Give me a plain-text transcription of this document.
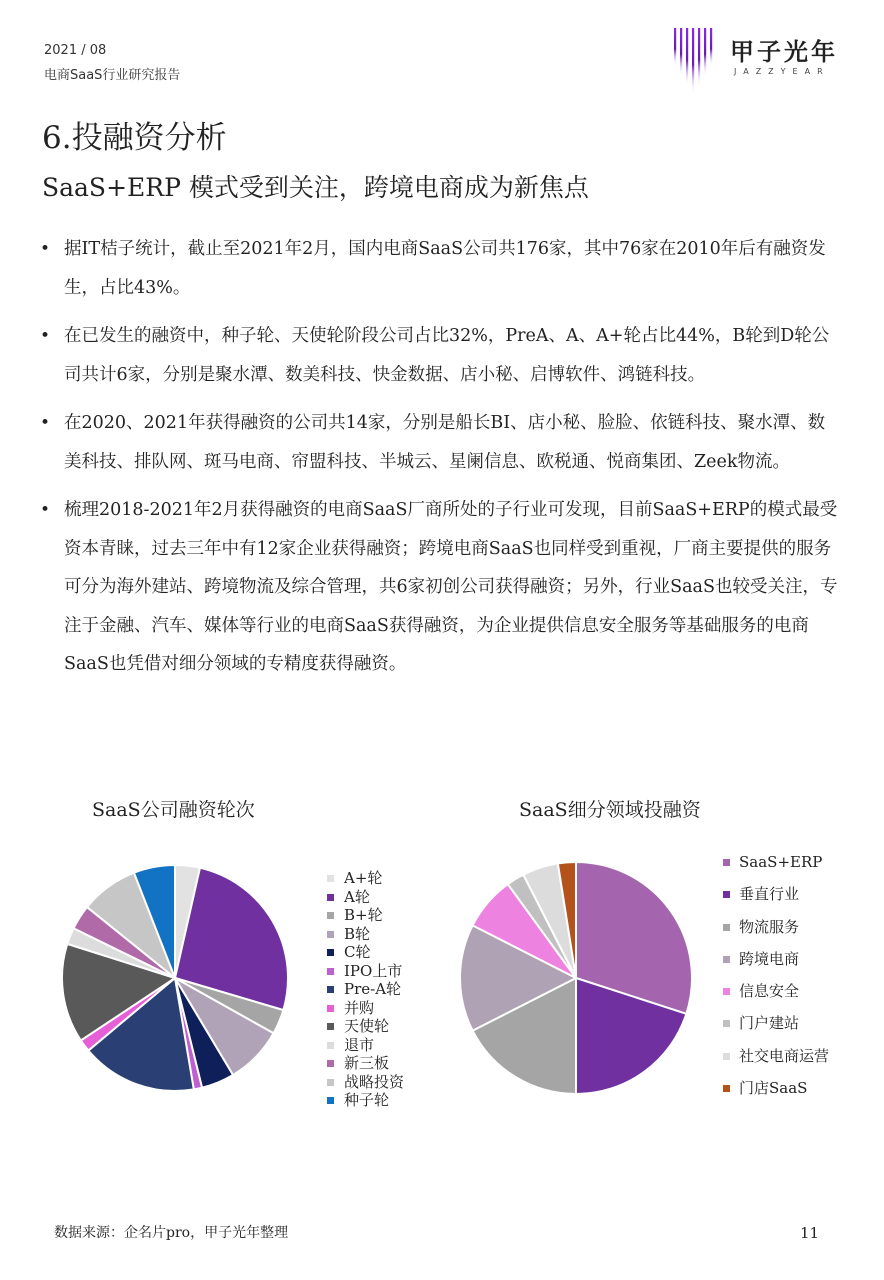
2021 / 08
电商SaaS行业研究报告
甲子光年
JAZZYEAR
6.投融资分析
SaaS+ERP 模式受到关注，跨境电商成为新焦点
• 据IT桔子统计，截止至2021年2月，国内电商SaaS公司共176家，其中76家在2010年后有融资发生，占比43%。
• 在已发生的融资中，种子轮、天使轮阶段公司占比32%，PreA、A、A+轮占比44%，B轮到D轮公司共计6家，分别是聚水潭、数美科技、快金数据、店小秘、启博软件、鸿链科技。
• 在2020、2021年获得融资的公司共14家，分别是船长BI、店小秘、脸脸、依链科技、聚水潭、数美科技、排队网、斑马电商、帘盟科技、半城云、星阑信息、欧税通、悦商集团、Zeek物流。
• 梳理2018-2021年2月获得融资的电商SaaS厂商所处的子行业可发现，目前SaaS+ERP的模式最受资本青睐，过去三年中有12家企业获得融资；跨境电商SaaS也同样受到重视，厂商主要提供的服务可分为海外建站、跨境物流及综合管理，共6家初创公司获得融资；另外，行业SaaS也较受关注，专注于金融、汽车、媒体等行业的电商SaaS获得融资，为企业提供信息安全服务等基础服务的电商SaaS也凭借对细分领域的专精度获得融资。
SaaS公司融资轮次
A+轮
A轮
B+轮
B轮
C轮
IPO上市
Pre-A轮
并购
天使轮
退市
新三板
战略投资
种子轮
SaaS细分领域投融资
SaaS+ERP
垂直行业
物流服务
跨境电商
信息安全
门户建站
社交电商运营
门店SaaS
数据来源：企名片pro，甲子光年整理	11
